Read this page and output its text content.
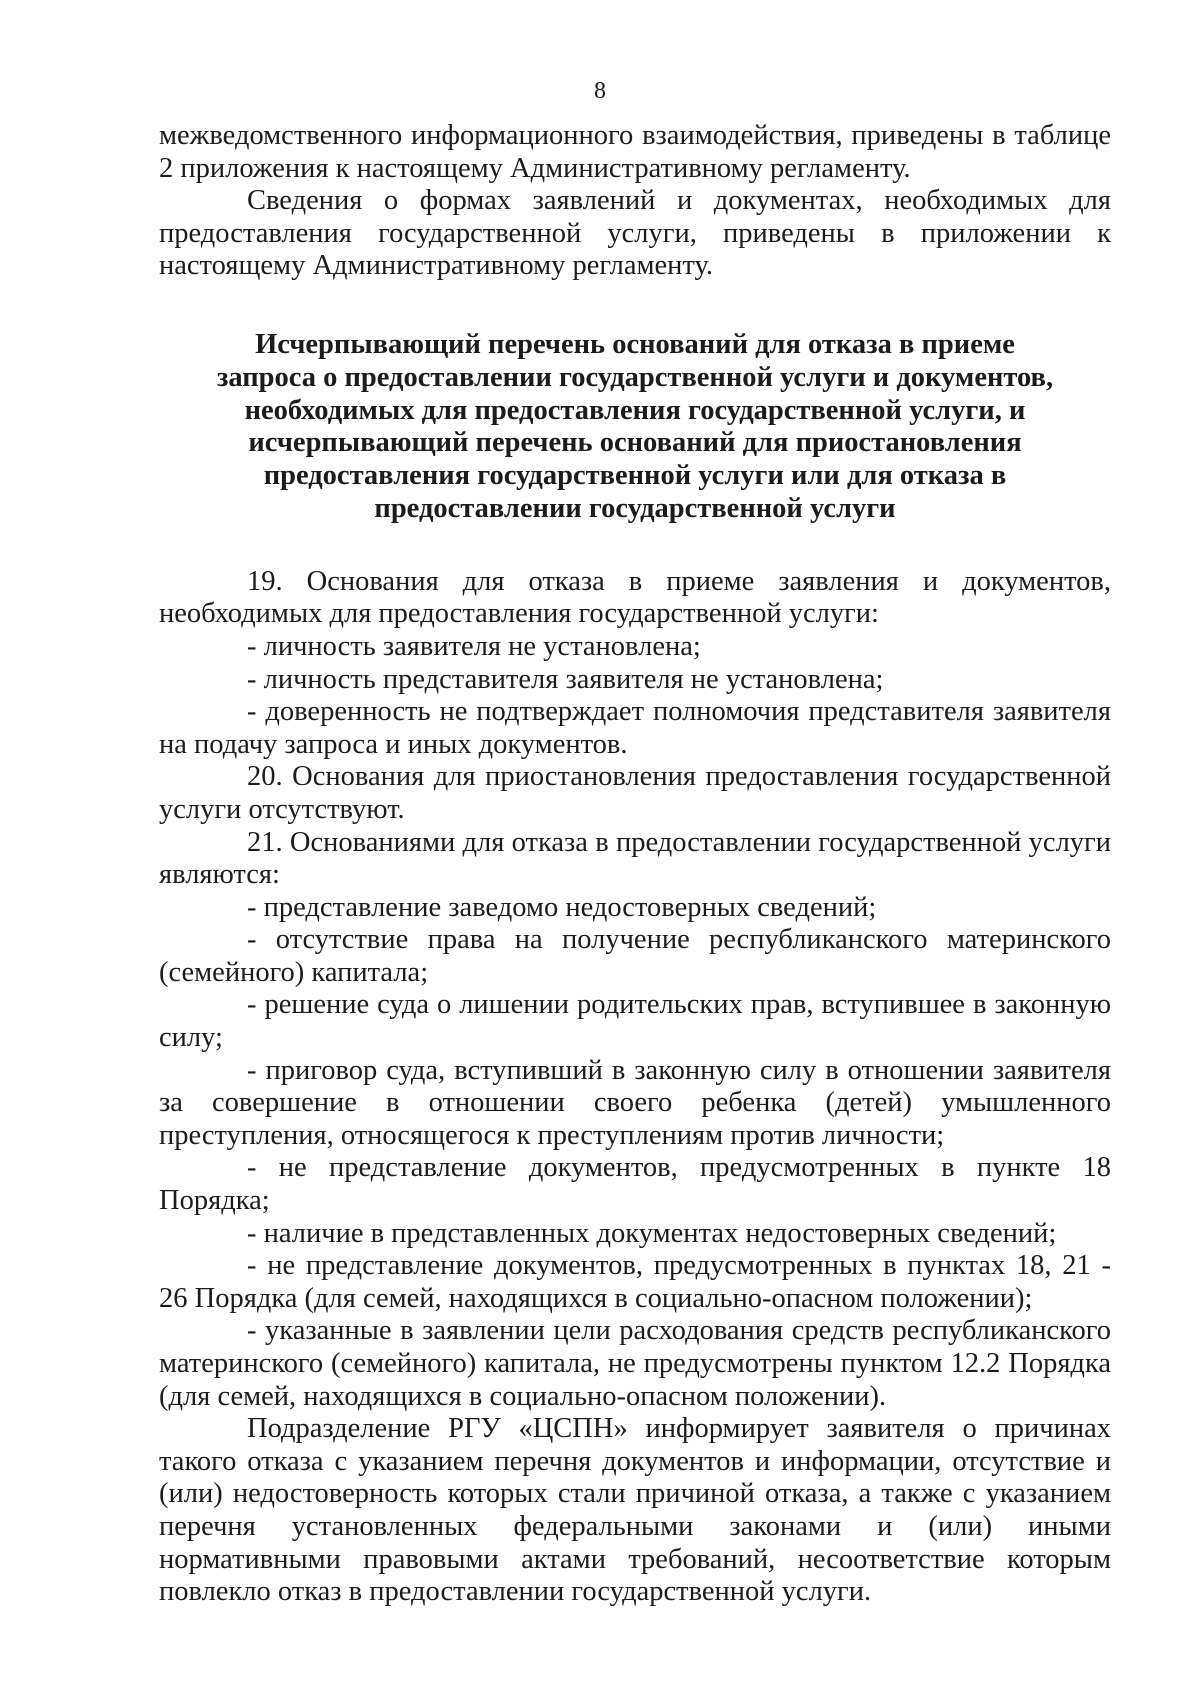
8

межведомственного информационного взаимодействия, приведены в таблице 2 приложения к настоящему Административному регламенту.

Сведения о формах заявлений и документах, необходимых для предоставления государственной услуги, приведены в приложении к настоящему Административному регламенту.

Исчерпывающий перечень оснований для отказа в приеме
запроса о предоставлении государственной услуги и документов,
необходимых для предоставления государственной услуги, и
исчерпывающий перечень оснований для приостановления
предоставления государственной услуги или для отказа в
предоставлении государственной услуги

19. Основания для отказа в приеме заявления и документов, необходимых для предоставления государственной услуги:

- личность заявителя не установлена;

- личность представителя заявителя не установлена;

- доверенность не подтверждает полномочия представителя заявителя на подачу запроса и иных документов.

20. Основания для приостановления предоставления государственной услуги отсутствуют.

21. Основаниями для отказа в предоставлении государственной услуги являются:

- представление заведомо недостоверных сведений;

- отсутствие права на получение республиканского материнского (семейного) капитала;

- решение суда о лишении родительских прав, вступившее в законную силу;

- приговор суда, вступивший в законную силу в отношении заявителя за совершение в отношении своего ребенка (детей) умышленного преступления, относящегося к преступлениям против личности;

- не представление документов, предусмотренных в пункте 18 Порядка;

- наличие в представленных документах недостоверных сведений;

- не представление документов, предусмотренных в пунктах 18, 21 - 26 Порядка (для семей, находящихся в социально-опасном положении);

- указанные в заявлении цели расходования средств республиканского материнского (семейного) капитала, не предусмотрены пунктом 12.2 Порядка (для семей, находящихся в социально-опасном положении).

Подразделение РГУ «ЦСПН» информирует заявителя о причинах такого отказа с указанием перечня документов и информации, отсутствие и (или) недостоверность которых стали причиной отказа, а также с указанием перечня установленных федеральными законами и (или) иными нормативными правовыми актами требований, несоответствие которым повлекло отказ в предоставлении государственной услуги.
